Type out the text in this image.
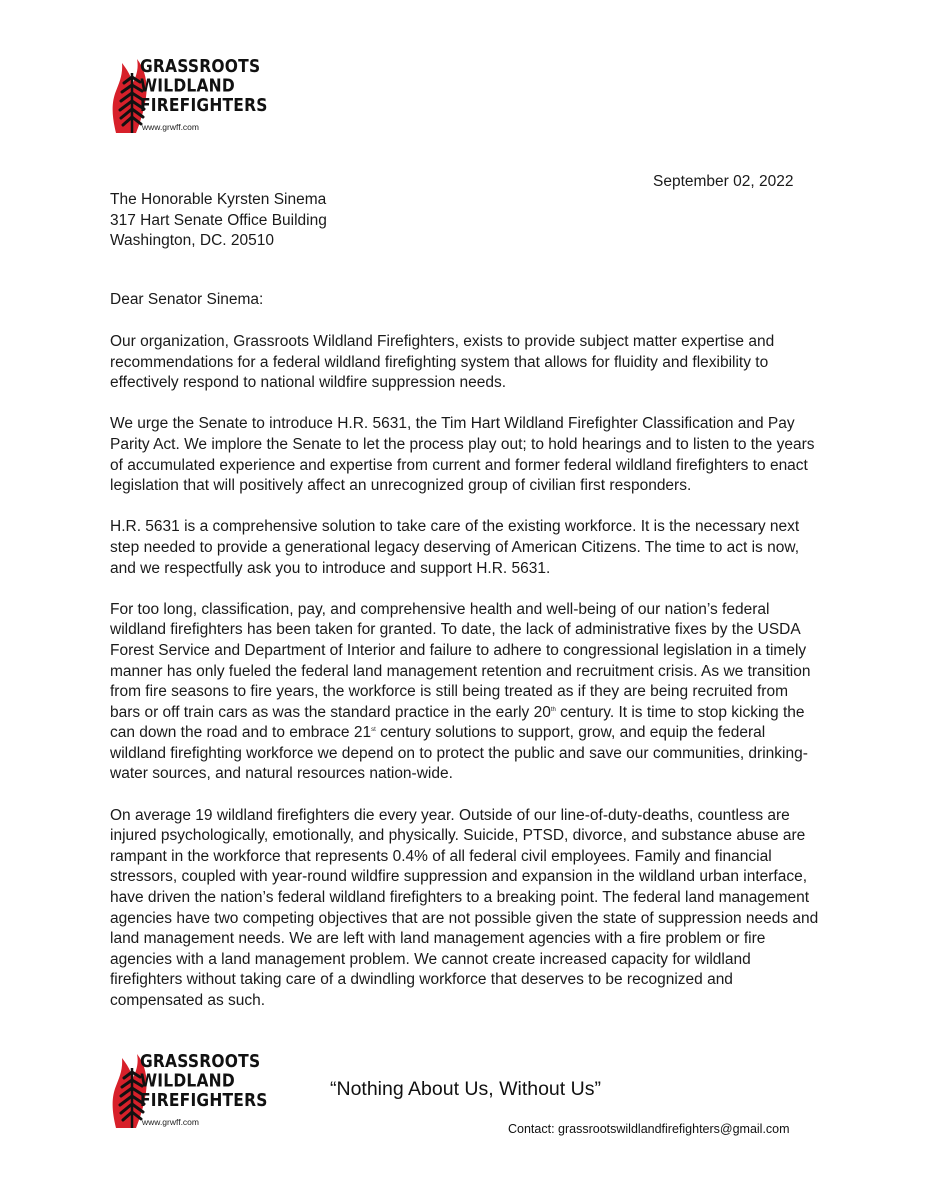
GRASSROOTS
WILDLAND
FIREFIGHTERS
www.grwff.com
September 02, 2022
The Honorable Kyrsten Sinema
317 Hart Senate Office Building
Washington, DC. 20510
Dear Senator Sinema:

Our organization, Grassroots Wildland Firefighters, exists to provide subject matter expertise and recommendations for a federal wildland firefighting system that allows for fluidity and flexibility to effectively respond to national wildfire suppression needs.

We urge the Senate to introduce H.R. 5631, the Tim Hart Wildland Firefighter Classification and Pay Parity Act. We implore the Senate to let the process play out; to hold hearings and to listen to the years of accumulated experience and expertise from current and former federal wildland firefighters to enact legislation that will positively affect an unrecognized group of civilian first responders.

H.R. 5631 is a comprehensive solution to take care of the existing workforce. It is the necessary next step needed to provide a generational legacy deserving of American Citizens. The time to act is now, and we respectfully ask you to introduce and support H.R. 5631.

For too long, classification, pay, and comprehensive health and well-being of our nation’s federal wildland firefighters has been taken for granted. To date, the lack of administrative fixes by the USDA Forest Service and Department of Interior and failure to adhere to congressional legislation in a timely manner has only fueled the federal land management retention and recruitment crisis. As we transition from fire seasons to fire years, the workforce is still being treated as if they are being recruited from bars or off train cars as was the standard practice in the early 20th century. It is time to stop kicking the can down the road and to embrace 21st century solutions to support, grow, and equip the federal wildland firefighting workforce we depend on to protect the public and save our communities, drinking-water sources, and natural resources nation-wide.

On average 19 wildland firefighters die every year. Outside of our line-of-duty-deaths, countless are injured psychologically, emotionally, and physically. Suicide, PTSD, divorce, and substance abuse are rampant in the workforce that represents 0.4% of all federal civil employees. Family and financial stressors, coupled with year-round wildfire suppression and expansion in the wildland urban interface, have driven the nation’s federal wildland firefighters to a breaking point. The federal land management agencies have two competing objectives that are not possible given the state of suppression needs and land management needs. We are left with land management agencies with a fire problem or fire agencies with a land management problem. We cannot create increased capacity for wildland firefighters without taking care of a dwindling workforce that deserves to be recognized and compensated as such.

GRASSROOTS
WILDLAND
FIREFIGHTERS
www.grwff.com
“Nothing About Us, Without Us”
Contact: grassrootswildlandfirefighters@gmail.com
